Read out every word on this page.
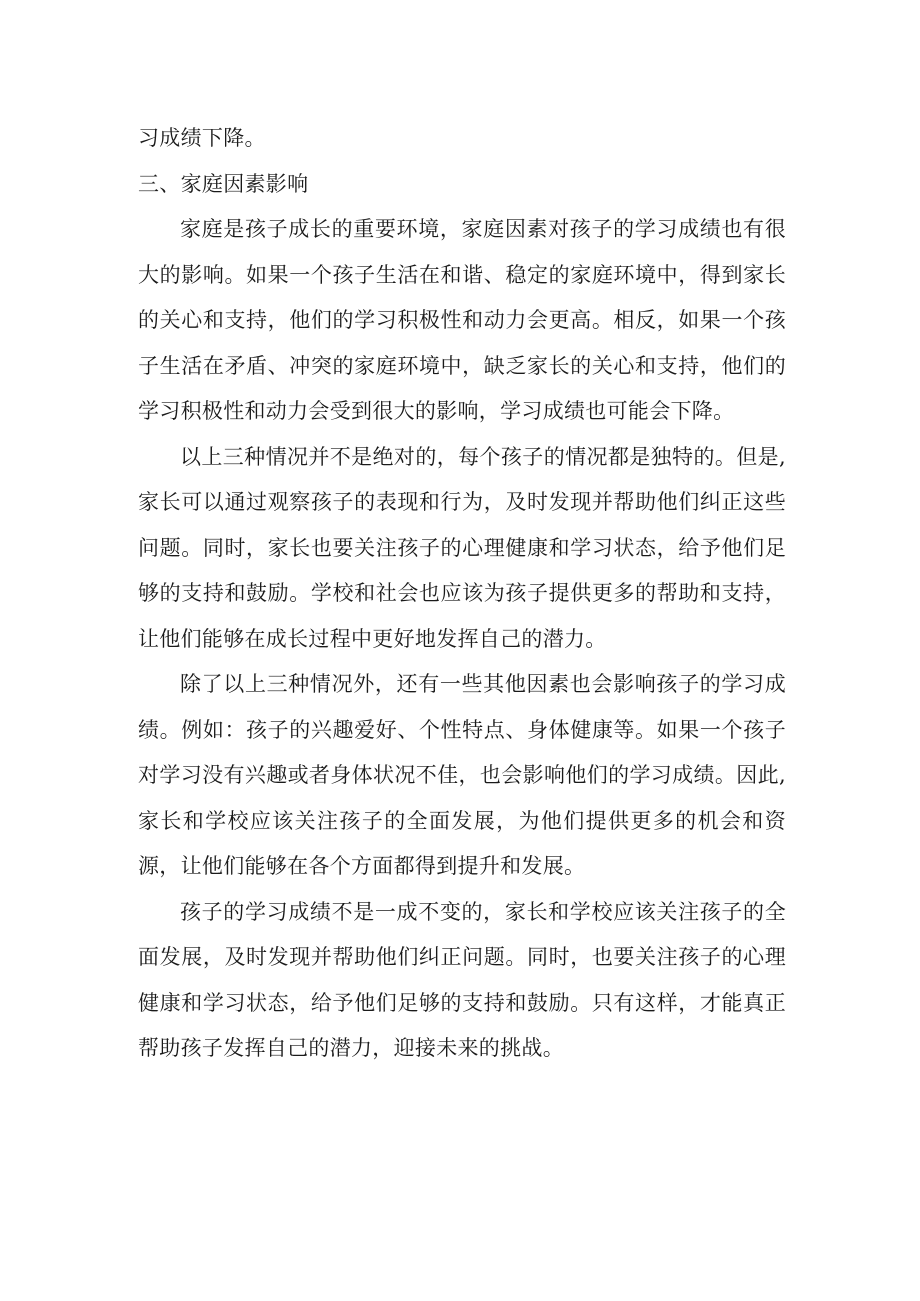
习成绩下降。

三、家庭因素影响

家庭是孩子成长的重要环境，家庭因素对孩子的学习成绩也有很大的影响。如果一个孩子生活在和谐、稳定的家庭环境中，得到家长的关心和支持，他们的学习积极性和动力会更高。相反，如果一个孩子生活在矛盾、冲突的家庭环境中，缺乏家长的关心和支持，他们的学习积极性和动力会受到很大的影响，学习成绩也可能会下降。

以上三种情况并不是绝对的，每个孩子的情况都是独特的。但是,家长可以通过观察孩子的表现和行为，及时发现并帮助他们纠正这些问题。同时，家长也要关注孩子的心理健康和学习状态，给予他们足够的支持和鼓励。学校和社会也应该为孩子提供更多的帮助和支持，让他们能够在成长过程中更好地发挥自己的潜力。

除了以上三种情况外，还有一些其他因素也会影响孩子的学习成绩。例如：孩子的兴趣爱好、个性特点、身体健康等。如果一个孩子对学习没有兴趣或者身体状况不佳，也会影响他们的学习成绩。因此,家长和学校应该关注孩子的全面发展，为他们提供更多的机会和资源，让他们能够在各个方面都得到提升和发展。

孩子的学习成绩不是一成不变的，家长和学校应该关注孩子的全面发展，及时发现并帮助他们纠正问题。同时，也要关注孩子的心理健康和学习状态，给予他们足够的支持和鼓励。只有这样，才能真正帮助孩子发挥自己的潜力，迎接未来的挑战。
